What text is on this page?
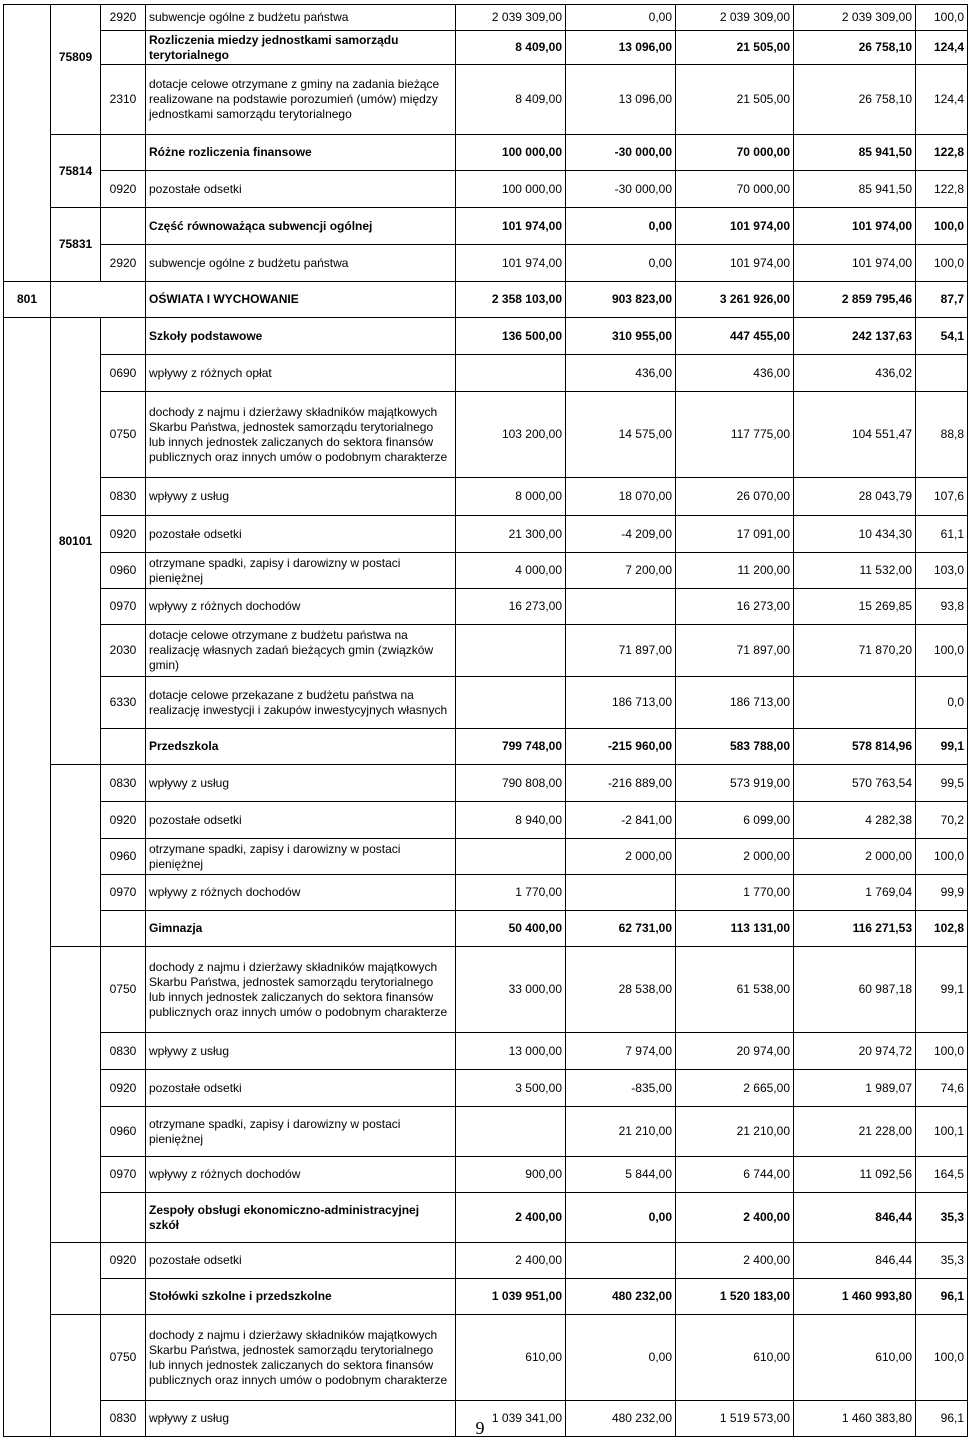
	75809	2920	subwencje ogólne z budżetu państwa	2 039 309,00	0,00	2 039 309,00	2 039 309,00	100,0
			Rozliczenia miedzy jednostkami samorządu terytorialnego	8 409,00	13 096,00	21 505,00	26 758,10	124,4
		2310	dotacje celowe otrzymane z gminy na zadania bieżące realizowane na podstawie porozumień (umów) między jednostkami samorządu terytorialnego	8 409,00	13 096,00	21 505,00	26 758,10	124,4
	75814		Różne rozliczenia finansowe	100 000,00	-30 000,00	70 000,00	85 941,50	122,8
		0920	pozostałe odsetki	100 000,00	-30 000,00	70 000,00	85 941,50	122,8
	75831		Część równoważąca subwencji ogólnej	101 974,00	0,00	101 974,00	101 974,00	100,0
		2920	subwencje ogólne z budżetu państwa	101 974,00	0,00	101 974,00	101 974,00	100,0
801			OŚWIATA I WYCHOWANIE	2 358 103,00	903 823,00	3 261 926,00	2 859 795,46	87,7
	80101		Szkoły podstawowe	136 500,00	310 955,00	447 455,00	242 137,63	54,1
		0690	wpływy z różnych opłat		436,00	436,00	436,02	
		0750	dochody z najmu i dzierżawy składników majątkowych Skarbu Państwa, jednostek samorządu terytorialnego lub innych jednostek zaliczanych do sektora finansów publicznych oraz innych umów o podobnym charakterze	103 200,00	14 575,00	117 775,00	104 551,47	88,8
		0830	wpływy z usług	8 000,00	18 070,00	26 070,00	28 043,79	107,6
		0920	pozostałe odsetki	21 300,00	-4 209,00	17 091,00	10 434,30	61,1
		0960	otrzymane spadki, zapisy i darowizny w postaci pieniężnej	4 000,00	7 200,00	11 200,00	11 532,00	103,0
		0970	wpływy z różnych dochodów	16 273,00		16 273,00	15 269,85	93,8
		2030	dotacje celowe otrzymane z budżetu państwa na realizację własnych zadań bieżących gmin (związków gmin)		71 897,00	71 897,00	71 870,20	100,0
		6330	dotacje celowe przekazane z budżetu państwa na realizację inwestycji i zakupów inwestycyjnych własnych		186 713,00	186 713,00		0,0
			Przedszkola	799 748,00	-215 960,00	583 788,00	578 814,96	99,1
		0830	wpływy z usług	790 808,00	-216 889,00	573 919,00	570 763,54	99,5
		0920	pozostałe odsetki	8 940,00	-2 841,00	6 099,00	4 282,38	70,2
		0960	otrzymane spadki, zapisy i darowizny w postaci pieniężnej		2 000,00	2 000,00	2 000,00	100,0
		0970	wpływy z różnych dochodów	1 770,00		1 770,00	1 769,04	99,9
			Gimnazja	50 400,00	62 731,00	113 131,00	116 271,53	102,8
		0750	dochody z najmu i dzierżawy składników majątkowych Skarbu Państwa, jednostek samorządu terytorialnego lub innych jednostek zaliczanych do sektora finansów publicznych oraz innych umów o podobnym charakterze	33 000,00	28 538,00	61 538,00	60 987,18	99,1
		0830	wpływy z usług	13 000,00	7 974,00	20 974,00	20 974,72	100,0
		0920	pozostałe odsetki	3 500,00	-835,00	2 665,00	1 989,07	74,6
		0960	otrzymane spadki, zapisy i darowizny w postaci pieniężnej		21 210,00	21 210,00	21 228,00	100,1
		0970	wpływy z różnych dochodów	900,00	5 844,00	6 744,00	11 092,56	164,5
			Zespoły obsługi ekonomiczno-administracyjnej szkół	2 400,00	0,00	2 400,00	846,44	35,3
		0920	pozostałe odsetki	2 400,00		2 400,00	846,44	35,3
			Stołówki szkolne i przedszkolne	1 039 951,00	480 232,00	1 520 183,00	1 460 993,80	96,1
		0750	dochody z najmu i dzierżawy składników majątkowych Skarbu Państwa, jednostek samorządu terytorialnego lub innych jednostek zaliczanych do sektora finansów publicznych oraz innych umów o podobnym charakterze	610,00	0,00	610,00	610,00	100,0
		0830	wpływy z usług	1 039 341,00	480 232,00	1 519 573,00	1 460 383,80	96,1
9
